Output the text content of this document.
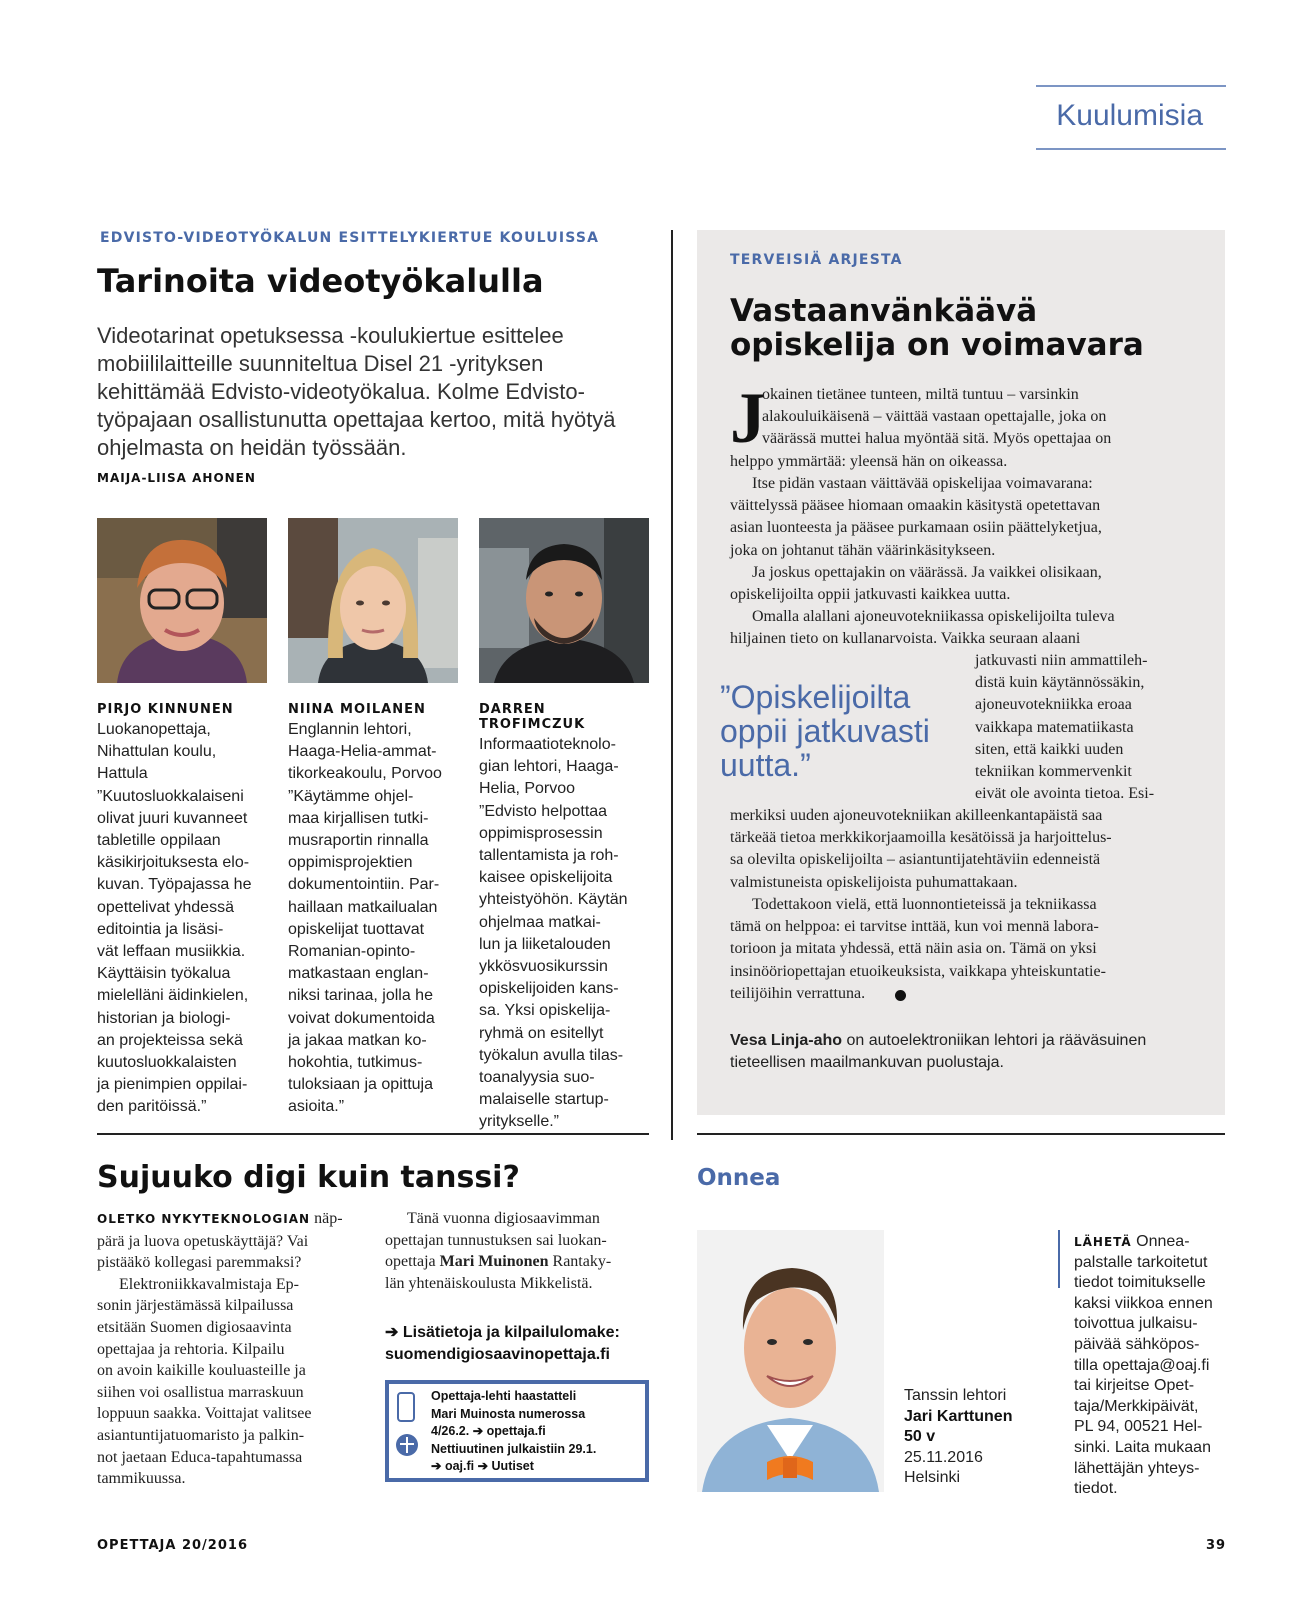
Kuulumisia
EDVISTO-VIDEOTYÖKALUN ESITTELYKIERTUE KOULUISSA
Tarinoita videotyökalulla
Videotarinat opetuksessa -koulukiertue esittelee
mobiililaitteille suunniteltua Disel 21 -yrityksen
kehittämää Edvisto-videotyökalua. Kolme Edvisto-
työpajaan osallistunutta opettajaa kertoo, mitä hyötyä
ohjelmasta on heidän työssään.
MAIJA-LIISA AHONEN
PIRJO KINNUNEN
Luokanopettaja,
Nihattulan koulu,
Hattula
”Kuutosluokkalaiseni
olivat juuri kuvanneet
tabletille oppilaan
käsikirjoituksesta elo-
kuvan. Työpajassa he
opettelivat yhdessä
editointia ja lisäsi-
vät leffaan musiikkia.
Käyttäisin työkalua
mielelläni äidinkielen,
historian ja biologi-
an projekteissa sekä
kuutosluokkalaisten
ja pienimpien oppilai-
den paritöissä.”
NIINA MOILANEN
Englannin lehtori,
Haaga-Helia-ammat-
tikorkeakoulu, Porvoo
”Käytämme ohjel-
maa kirjallisen tutki-
musraportin rinnalla
oppimisprojektien
dokumentointiin. Par-
haillaan matkailualan
opiskelijat tuottavat
Romanian-opinto-
matkastaan englan-
niksi tarinaa, jolla he
voivat dokumentoida
ja jakaa matkan ko-
hokohtia, tutkimus-
tuloksiaan ja opittuja
asioita.”
DARREN TROFIMCZUK
Informaatioteknolo-
gian lehtori, Haaga-
Helia, Porvoo
”Edvisto helpottaa
oppimisprosessin
tallentamista ja roh-
kaisee opiskelijoita
yhteistyöhön. Käytän
ohjelmaa matkai-
lun ja liiketalouden
ykkösvuosikurssin
opiskelijoiden kans-
sa. Yksi opiskelija-
ryhmä on esitellyt
työkalun avulla tilas-
toanalyysia suo-
malaiselle startup-
yritykselle.”
TERVEISIÄ ARJESTA
Vastaanvänkäävä
opiskelija on voimavara
J
okainen tietänee tunteen, miltä tuntuu – varsinkin
alakouluikäisenä – väittää vastaan opettajalle, joka on
väärässä muttei halua myöntää sitä. Myös opettajaa on
helppo ymmärtää: yleensä hän on oikeassa.
Itse pidän vastaan väittävää opiskelijaa voimavarana:
väittelyssä pääsee hiomaan omaakin käsitystä opetettavan
asian luonteesta ja pääsee purkamaan osiin päättelyketjua,
joka on johtanut tähän väärinkäsitykseen.
Ja joskus opettajakin on väärässä. Ja vaikkei olisikaan,
opiskelijoilta oppii jatkuvasti kaikkea uutta.
Omalla alallani ajoneuvotekniikassa opiskelijoilta tuleva
hiljainen tieto on kullanarvoista. Vaikka seuraan alaani
jatkuvasti niin ammattileh-
distä kuin käytännössäkin,
ajoneuvotekniikka eroaa
vaikkapa matematiikasta
siten, että kaikki uuden
tekniikan kommervenkit
eivät ole avointa tietoa. Esi-
merkiksi uuden ajoneuvotekniikan akilleenkantapäistä saa
tärkeää tietoa merkkikorjaamoilla kesätöissä ja harjoittelus-
sa olevilta opiskelijoilta – asiantuntijatehtäviin edenneistä
valmistuneista opiskelijoista puhumattakaan.
Todettakoon vielä, että luonnontieteissä ja tekniikassa
tämä on helppoa: ei tarvitse inttää, kun voi mennä labora-
torioon ja mitata yhdessä, että näin asia on. Tämä on yksi
insinööriopettajan etuoikeuksista, vaikkapa yhteiskuntatie-
teilijöihin verrattuna.
”Opiskelijoilta
oppii jatkuvasti
uutta.”
Vesa Linja-aho on autoelektroniikan lehtori ja rääväsuinen
tieteellisen maailmankuvan puolustaja.
Sujuuko digi kuin tanssi?
OLETKO NYKYTEKNOLOGIAN näp-
pärä ja luova opetuskäyttäjä? Vai
pistääkö kollegasi paremmaksi?
Elektroniikkavalmistaja Ep-
sonin järjestämässä kilpailussa
etsitään Suomen digiosaavinta
opettajaa ja rehtoria. Kilpailu
on avoin kaikille kouluasteille ja
siihen voi osallistua marraskuun
loppuun saakka. Voittajat valitsee
asiantuntijatuomaristo ja palkin-
not jaetaan Educa-tapahtumassa
tammikuussa.
Tänä vuonna digiosaavimman
opettajan tunnustuksen sai luokan-
opettaja Mari Muinonen Rantaky-
län yhtenäiskoulusta Mikkelistä.
➔ Lisätietoja ja kilpailulomake:
suomendigiosaavinopettaja.fi
Opettaja-lehti haastatteli
Mari Muinosta numerossa
4/26.2. ➔ opettaja.fi
Nettiuutinen julkaistiin 29.1.
➔ oaj.fi ➔ Uutiset
Onnea
Tanssin lehtori
Jari Karttunen
50 v
25.11.2016
Helsinki
LÄHETÄ Onnea-
palstalle tarkoitetut
tiedot toimitukselle
kaksi viikkoa ennen
toivottua julkaisu-
päivää sähköpos-
tilla opettaja@oaj.fi
tai kirjeitse Opet-
taja/Merkkipäivät,
PL 94, 00521 Hel-
sinki. Laita mukaan
lähettäjän yhteys-
tiedot.
OPETTAJA 20/2016	39
